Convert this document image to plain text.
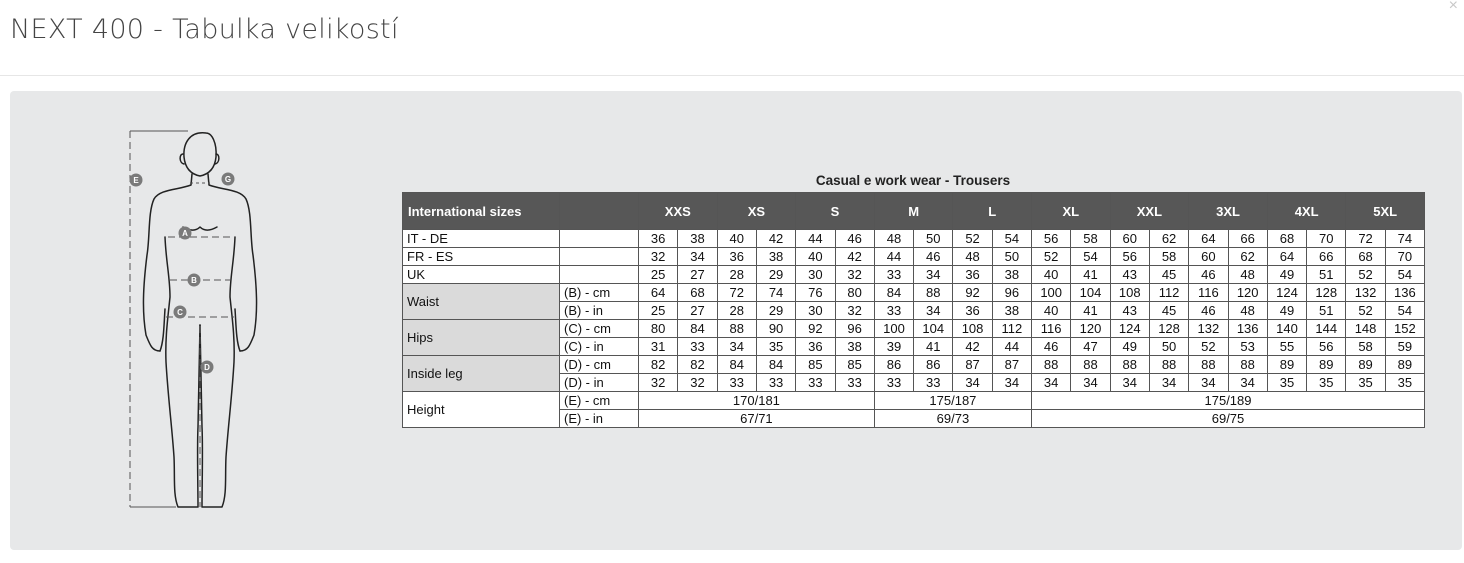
NEXT 400 - Tabulka velikostí
×
E	G
A
B
C
D
Casual e work wear - Trousers
International sizes		XXS		XS		S		M		L		XL		XXL		3XL		4XL		5XL	
IT - DE		36	38	40	42	44	46	48	50	52	54	56	58	60	62	64	66	68	70	72	74
FR - ES		32	34	36	38	40	42	44	46	48	50	52	54	56	58	60	62	64	66	68	70
UK		25	27	28	29	30	32	33	34	36	38	40	41	43	45	46	48	49	51	52	54
Waist	(B) - cm	64	68	72	74	76	80	84	88	92	96	100	104	108	112	116	120	124	128	132	136
	(B) - in	25	27	28	29	30	32	33	34	36	38	40	41	43	45	46	48	49	51	52	54
Hips	(C) - cm	80	84	88	90	92	96	100	104	108	112	116	120	124	128	132	136	140	144	148	152
	(C) - in	31	33	34	35	36	38	39	41	42	44	46	47	49	50	52	53	55	56	58	59
Inside leg	(D) - cm	82	82	84	84	85	85	86	86	87	87	88	88	88	88	88	88	89	89	89	89
	(D) - in	32	32	33	33	33	33	33	33	34	34	34	34	34	34	34	34	35	35	35	35
Height	(E) - cm	170/181						175/187				175/189									
	(E) - in	67/71						69/73				69/75									
